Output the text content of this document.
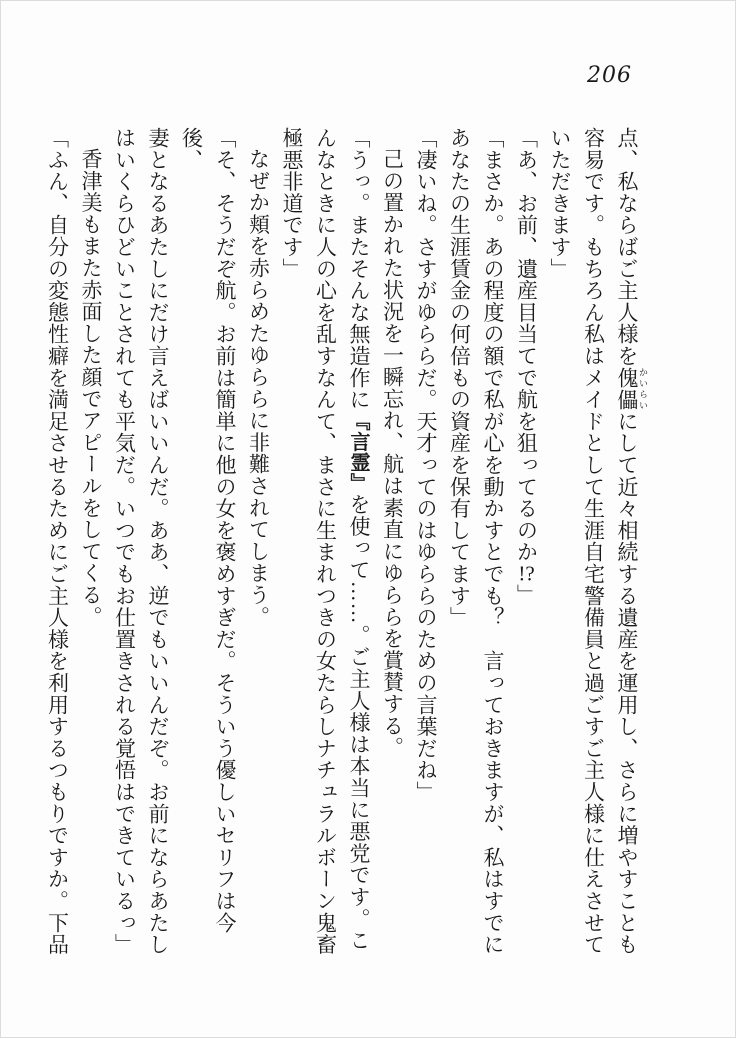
206

点、私ならばご主人様を傀儡 かいらいにして近々相続する遺産を運用し、さらに増やすことも

容易です。もちろん私はメイドとして生涯自宅警備員と過ごすご主人様に仕えさせて

いただきます」

「あ、お前、遺産目当てで航を狙ってるのか!?」

「まさか。あの程度の額で私が心を動かすとでも？　言っておきますが、私はすでに

あなたの生涯賃金の何倍もの資産を保有してます」

「凄いね。さすがゆららだ。天才ってのはゆららのための言葉だね」

己の置かれた状況を一瞬忘れ、航は素直にゆららを賞賛する。

「うっ。またそんな無造作に『言霊』を使って……。ご主人様は本当に悪党です。こ

んなときに人の心を乱すなんて、まさに生まれつきの女たらしナチュラルボーン鬼畜

極悪非道です」

なぜか頬を赤らめたゆららに非難されてしまう。

「そ、そうだぞ航。お前は簡単に他の女を褒めすぎだ。そういう優しいセリフは今後、

妻となるあたしにだけ言えばいいんだ。ああ、逆でもいいんだぞ。お前にならあたし

はいくらひどいことされても平気だ。いつでもお仕置きされる覚悟はできているっ」

香津美もまた赤面した顔でアピールをしてくる。

「ふん、自分の変態性癖を満足させるためにご主人様を利用するつもりですか。下品
